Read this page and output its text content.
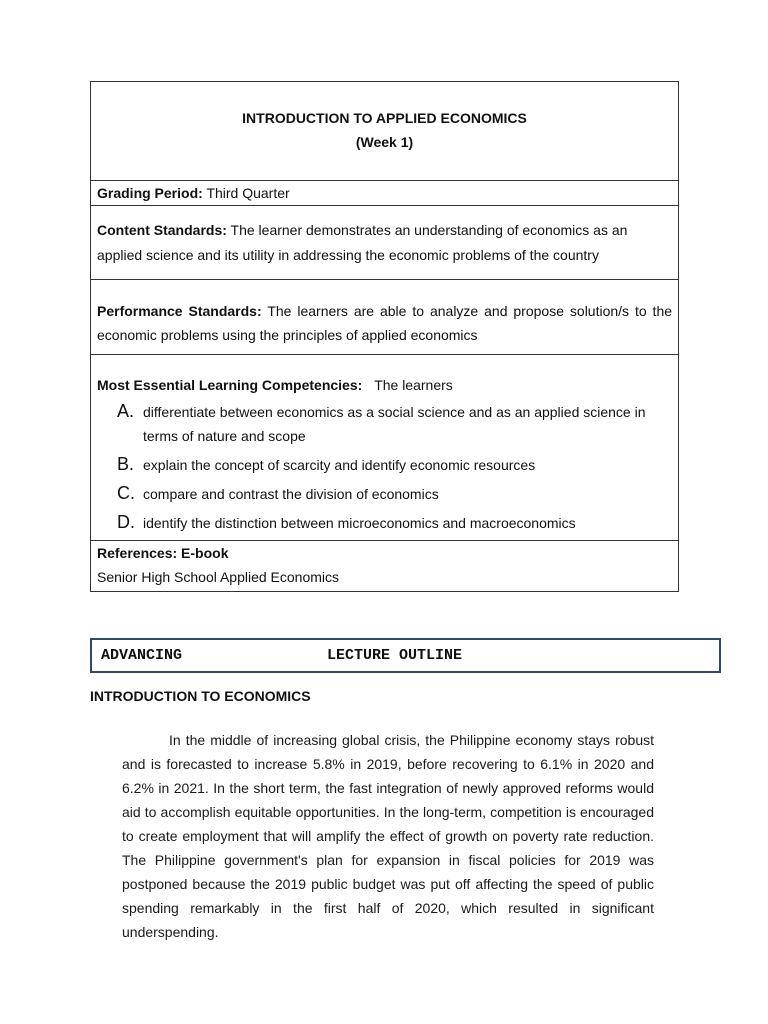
INTRODUCTION TO APPLIED ECONOMICS
(Week 1)
Grading Period: Third Quarter
Content Standards: The learner demonstrates an understanding of economics as an applied science and its utility in addressing the economic problems of the country
Performance Standards: The learners are able to analyze and propose solution/s to the economic problems using the principles of applied economics
Most Essential Learning Competencies: The learners
A. differentiate between economics as a social science and as an applied science in terms of nature and scope
B. explain the concept of scarcity and identify economic resources
C. compare and contrast the division of economics
D. identify the distinction between microeconomics and macroeconomics
References: E-book
Senior High School Applied Economics
ADVANCING	LECTURE OUTLINE
INTRODUCTION TO ECONOMICS

In the middle of increasing global crisis, the Philippine economy stays robust and is forecasted to increase 5.8% in 2019, before recovering to 6.1% in 2020 and 6.2% in 2021. In the short term, the fast integration of newly approved reforms would aid to accomplish equitable opportunities. In the long-term, competition is encouraged to create employment that will amplify the effect of growth on poverty rate reduction. The Philippine government's plan for expansion in fiscal policies for 2019 was postponed because the 2019 public budget was put off affecting the speed of public spending remarkably in the first half of 2020, which resulted in significant underspending.
